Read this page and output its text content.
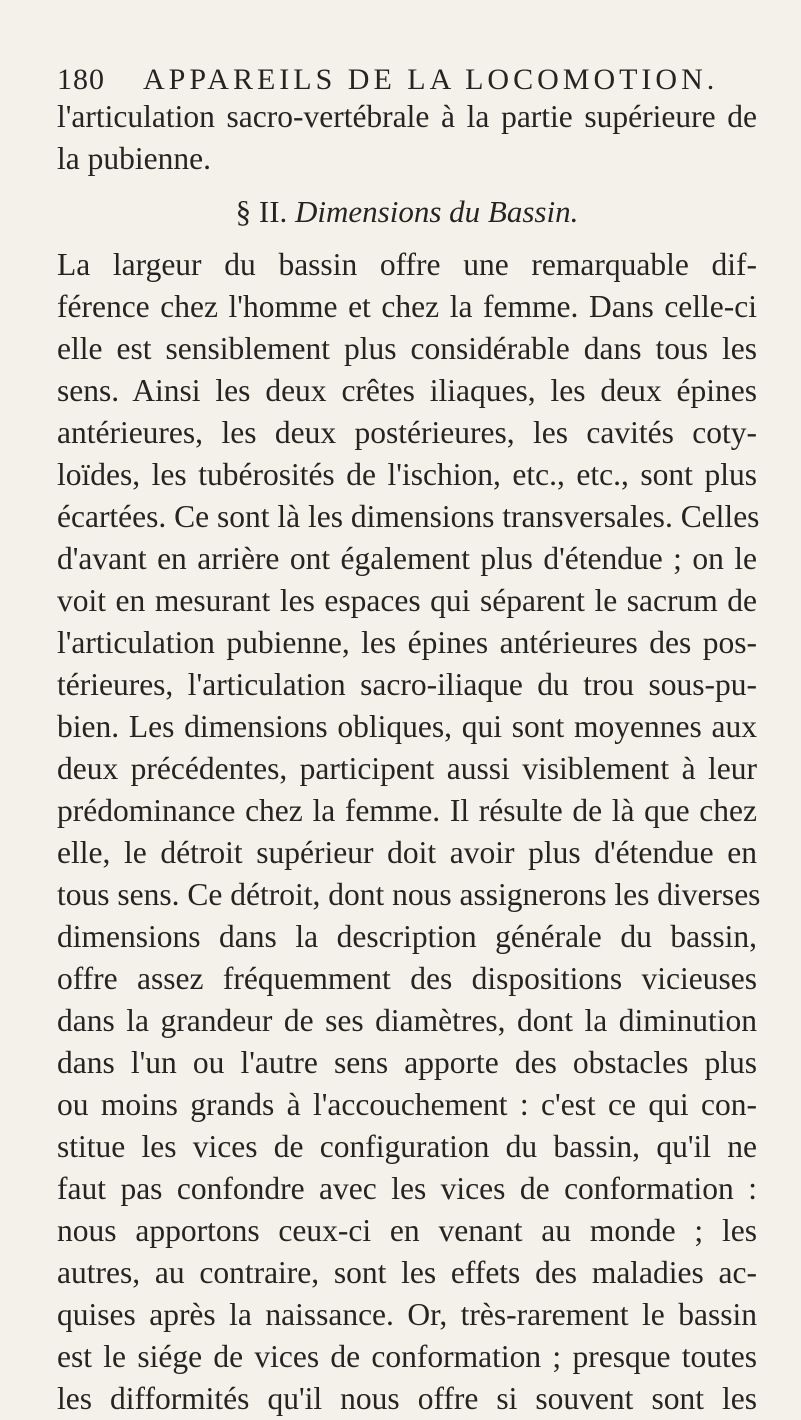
180 APPAREILS DE LA LOCOMOTION.
l'articulation sacro-vertébrale à la partie supérieure de
la pubienne.
§ II. Dimensions du Bassin.
La largeur du bassin offre une remarquable dif-
férence chez l'homme et chez la femme. Dans celle-ci
elle est sensiblement plus considérable dans tous les
sens. Ainsi les deux crêtes iliaques, les deux épines
antérieures, les deux postérieures, les cavités coty-
loïdes, les tubérosités de l'ischion, etc., etc., sont plus
écartées. Ce sont là les dimensions transversales. Celles
d'avant en arrière ont également plus d'étendue ; on le
voit en mesurant les espaces qui séparent le sacrum de
l'articulation pubienne, les épines antérieures des pos-
térieures, l'articulation sacro-iliaque du trou sous-pu-
bien. Les dimensions obliques, qui sont moyennes aux
deux précédentes, participent aussi visiblement à leur
prédominance chez la femme. Il résulte de là que chez
elle, le détroit supérieur doit avoir plus d'étendue en
tous sens. Ce détroit, dont nous assignerons les diverses
dimensions dans la description générale du bassin,
offre assez fréquemment des dispositions vicieuses
dans la grandeur de ses diamètres, dont la diminution
dans l'un ou l'autre sens apporte des obstacles plus
ou moins grands à l'accouchement : c'est ce qui con-
stitue les vices de configuration du bassin, qu'il ne
faut pas confondre avec les vices de conformation :
nous apportons ceux-ci en venant au monde ; les
autres, au contraire, sont les effets des maladies ac-
quises après la naissance. Or, très-rarement le bassin
est le siége de vices de conformation ; presque toutes
les difformités qu'il nous offre si souvent sont les
